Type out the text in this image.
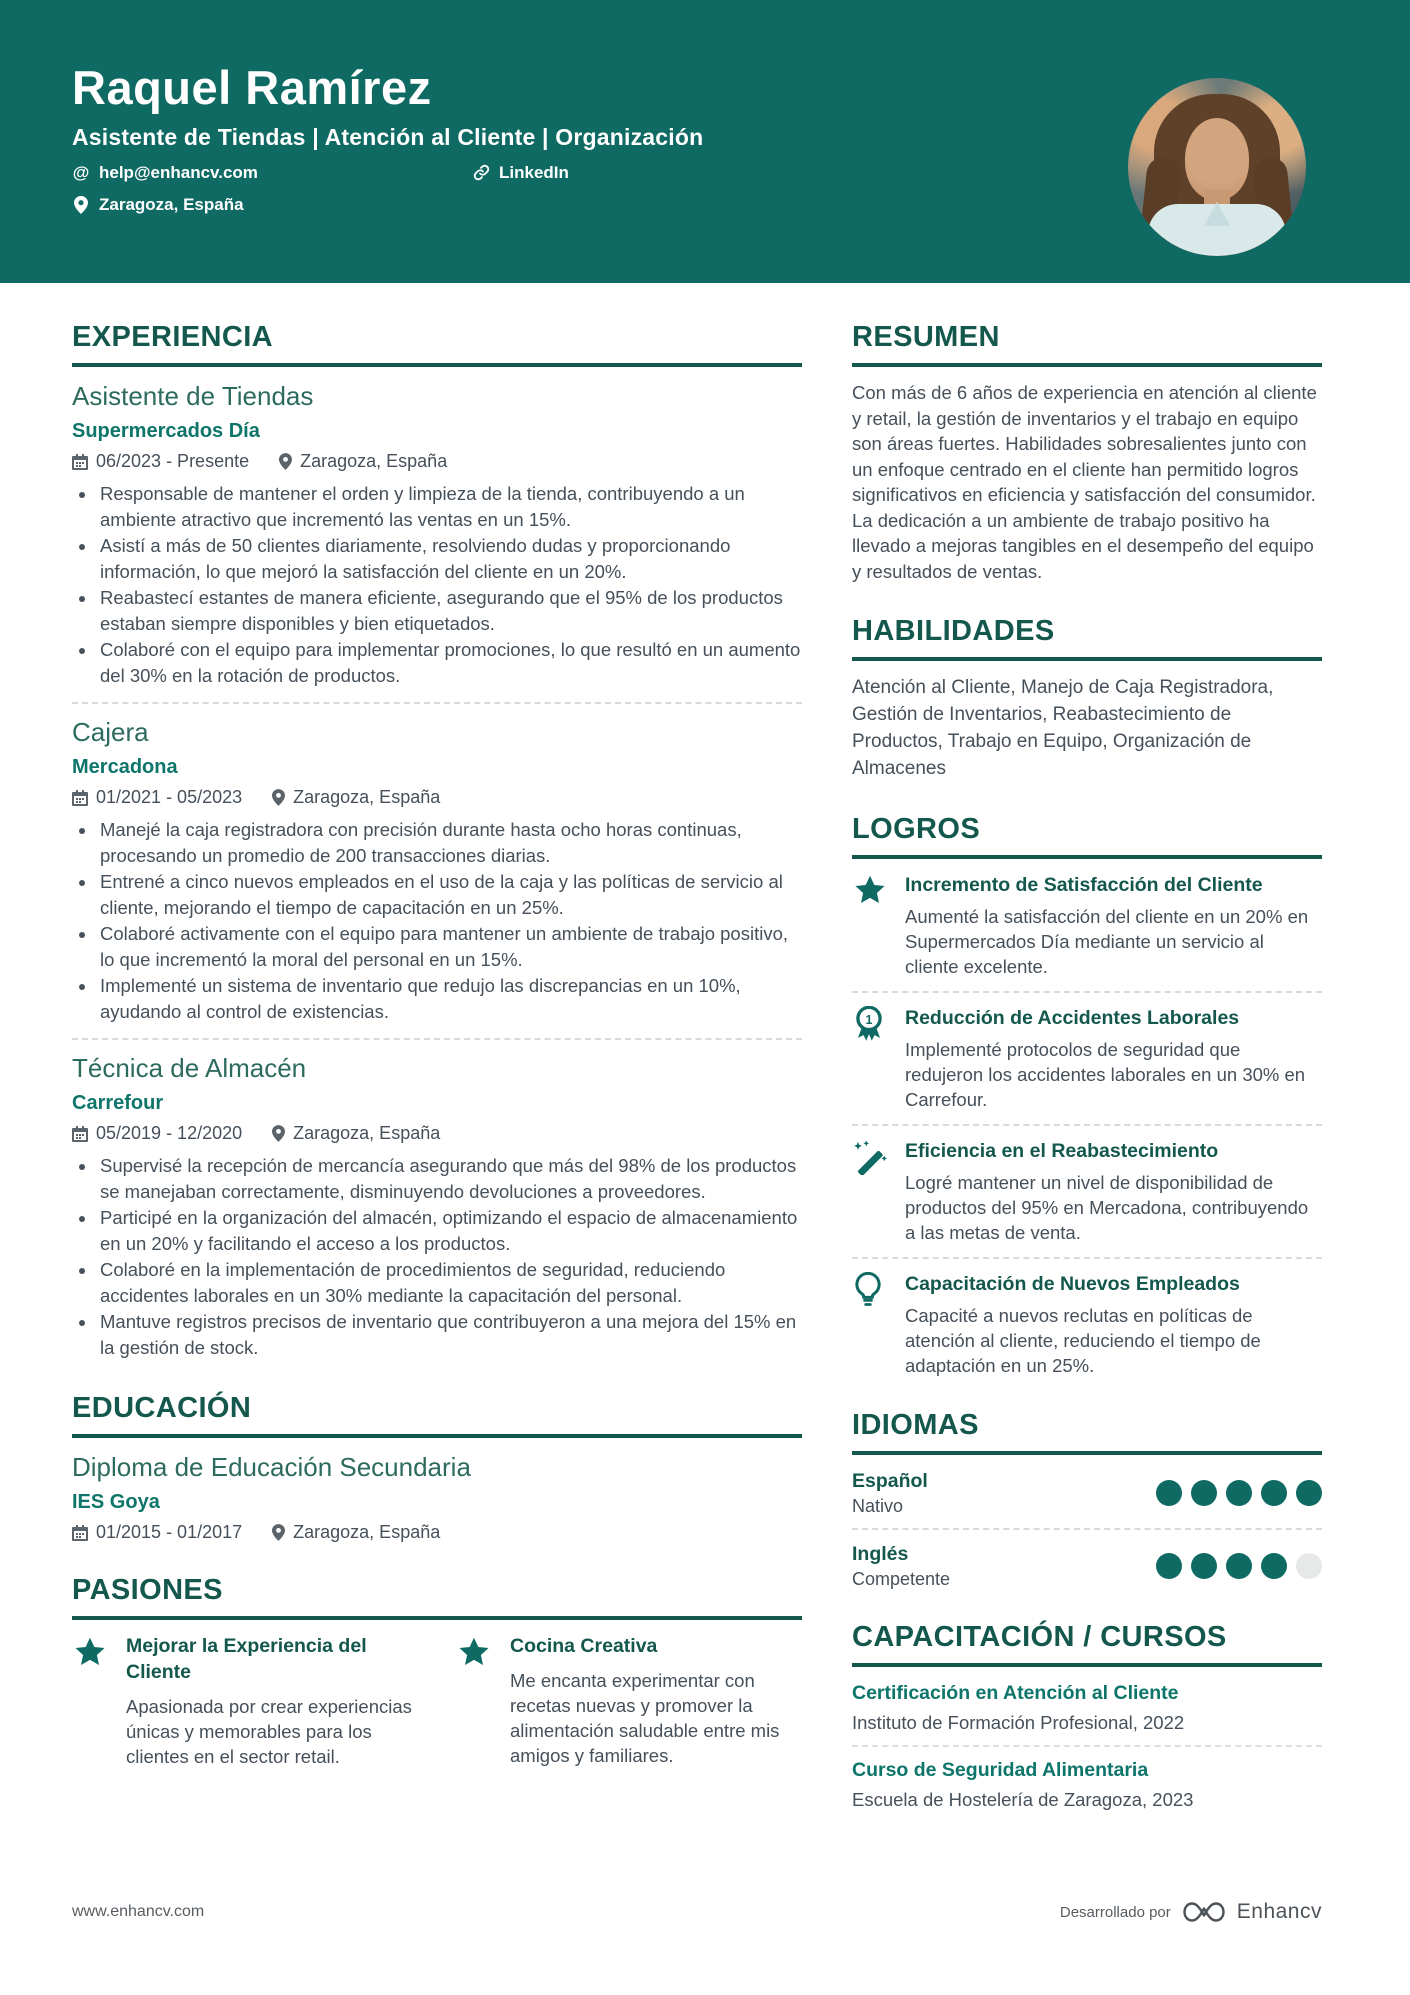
Raquel Ramírez
Asistente de Tiendas | Atención al Cliente | Organización
@ help@enhancv.com
Zaragoza, España
LinkedIn
EXPERIENCIA
Asistente de Tiendas
Supermercados Día
06/2023 - Presente	Zaragoza, España
• Responsable de mantener el orden y limpieza de la tienda, contribuyendo a un ambiente atractivo que incrementó las ventas en un 15%.
• Asistí a más de 50 clientes diariamente, resolviendo dudas y proporcionando información, lo que mejoró la satisfacción del cliente en un 20%.
• Reabastecí estantes de manera eficiente, asegurando que el 95% de los productos estaban siempre disponibles y bien etiquetados.
• Colaboré con el equipo para implementar promociones, lo que resultó en un aumento del 30% en la rotación de productos.
Cajera
Mercadona
01/2021 - 05/2023	Zaragoza, España
• Manejé la caja registradora con precisión durante hasta ocho horas continuas, procesando un promedio de 200 transacciones diarias.
• Entrené a cinco nuevos empleados en el uso de la caja y las políticas de servicio al cliente, mejorando el tiempo de capacitación en un 25%.
• Colaboré activamente con el equipo para mantener un ambiente de trabajo positivo, lo que incrementó la moral del personal en un 15%.
• Implementé un sistema de inventario que redujo las discrepancias en un 10%, ayudando al control de existencias.
Técnica de Almacén
Carrefour
05/2019 - 12/2020	Zaragoza, España
• Supervisé la recepción de mercancía asegurando que más del 98% de los productos se manejaban correctamente, disminuyendo devoluciones a proveedores.
• Participé en la organización del almacén, optimizando el espacio de almacenamiento en un 20% y facilitando el acceso a los productos.
• Colaboré en la implementación de procedimientos de seguridad, reduciendo accidentes laborales en un 30% mediante la capacitación del personal.
• Mantuve registros precisos de inventario que contribuyeron a una mejora del 15% en la gestión de stock.
EDUCACIÓN
Diploma de Educación Secundaria
IES Goya
01/2015 - 01/2017	Zaragoza, España
PASIONES
Mejorar la Experiencia del Cliente
Apasionada por crear experiencias únicas y memorables para los clientes en el sector retail.
Cocina Creativa
Me encanta experimentar con recetas nuevas y promover la alimentación saludable entre mis amigos y familiares.
RESUMEN

Con más de 6 años de experiencia en atención al cliente y retail, la gestión de inventarios y el trabajo en equipo son áreas fuertes. Habilidades sobresalientes junto con un enfoque centrado en el cliente han permitido logros significativos en eficiencia y satisfacción del consumidor. La dedicación a un ambiente de trabajo positivo ha llevado a mejoras tangibles en el desempeño del equipo y resultados de ventas.

HABILIDADES

Atención al Cliente, Manejo de Caja Registradora, Gestión de Inventarios, Reabastecimiento de Productos, Trabajo en Equipo, Organización de Almacenes

LOGROS
Incremento de Satisfacción del Cliente
Aumenté la satisfacción del cliente en un 20% en Supermercados Día mediante un servicio al cliente excelente.
1 Reducción de Accidentes Laborales
Implementé protocolos de seguridad que redujeron los accidentes laborales en un 30% en Carrefour.
Eficiencia en el Reabastecimiento
Logré mantener un nivel de disponibilidad de productos del 95% en Mercadona, contribuyendo a las metas de venta.
Capacitación de Nuevos Empleados
Capacité a nuevos reclutas en políticas de atención al cliente, reduciendo el tiempo de adaptación en un 25%.
IDIOMAS
Español
Nativo
Inglés
Competente
CAPACITACIÓN / CURSOS
Certificación en Atención al Cliente
Instituto de Formación Profesional, 2022
Curso de Seguridad Alimentaria
Escuela de Hostelería de Zaragoza, 2023
www.enhancv.com	Desarrollado por	Enhancv
